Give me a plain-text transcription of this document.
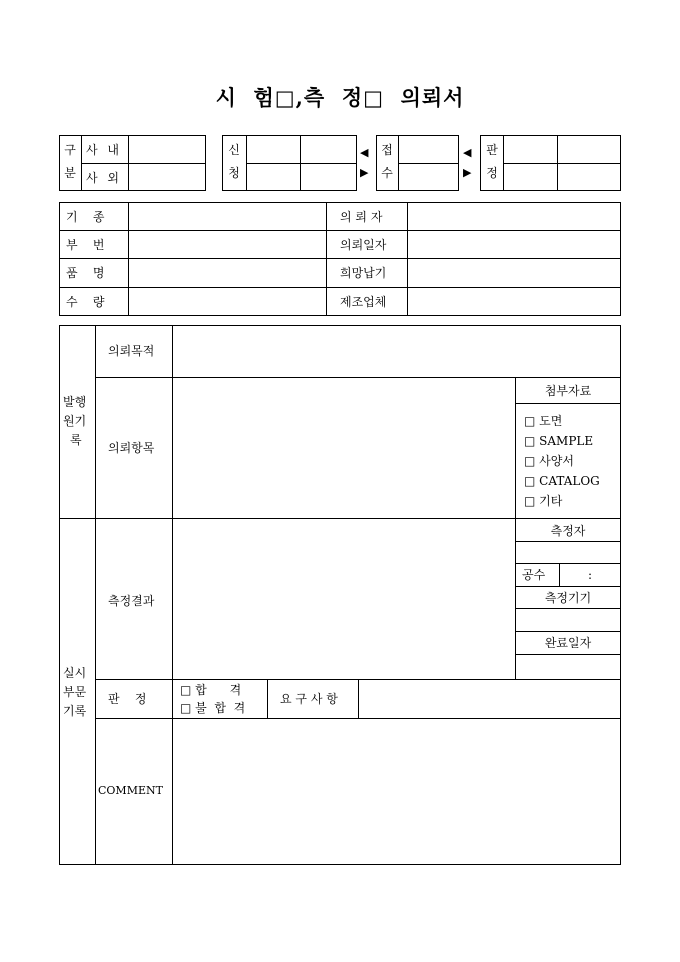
시  험□,측  정□  의뢰서
구
분
사 내
사 외
신
청
◀
▶
접
수
◀
▶
판
정
기    종
부    번
품    명
수    량
의 뢰 자
의뢰일자
희망납기
제조업체
발행
원기
록
의뢰목적
의뢰항목
첨부자료
□ 도면
□ SAMPLE
□ 사양서
□ CATALOG
□ 기타
측정자
공수	:
측정기기
완료일자
측정결과
판    정
□ 합      격
□ 불  합  격
요 구 사 항
실시
부문
기록
COMMENT
